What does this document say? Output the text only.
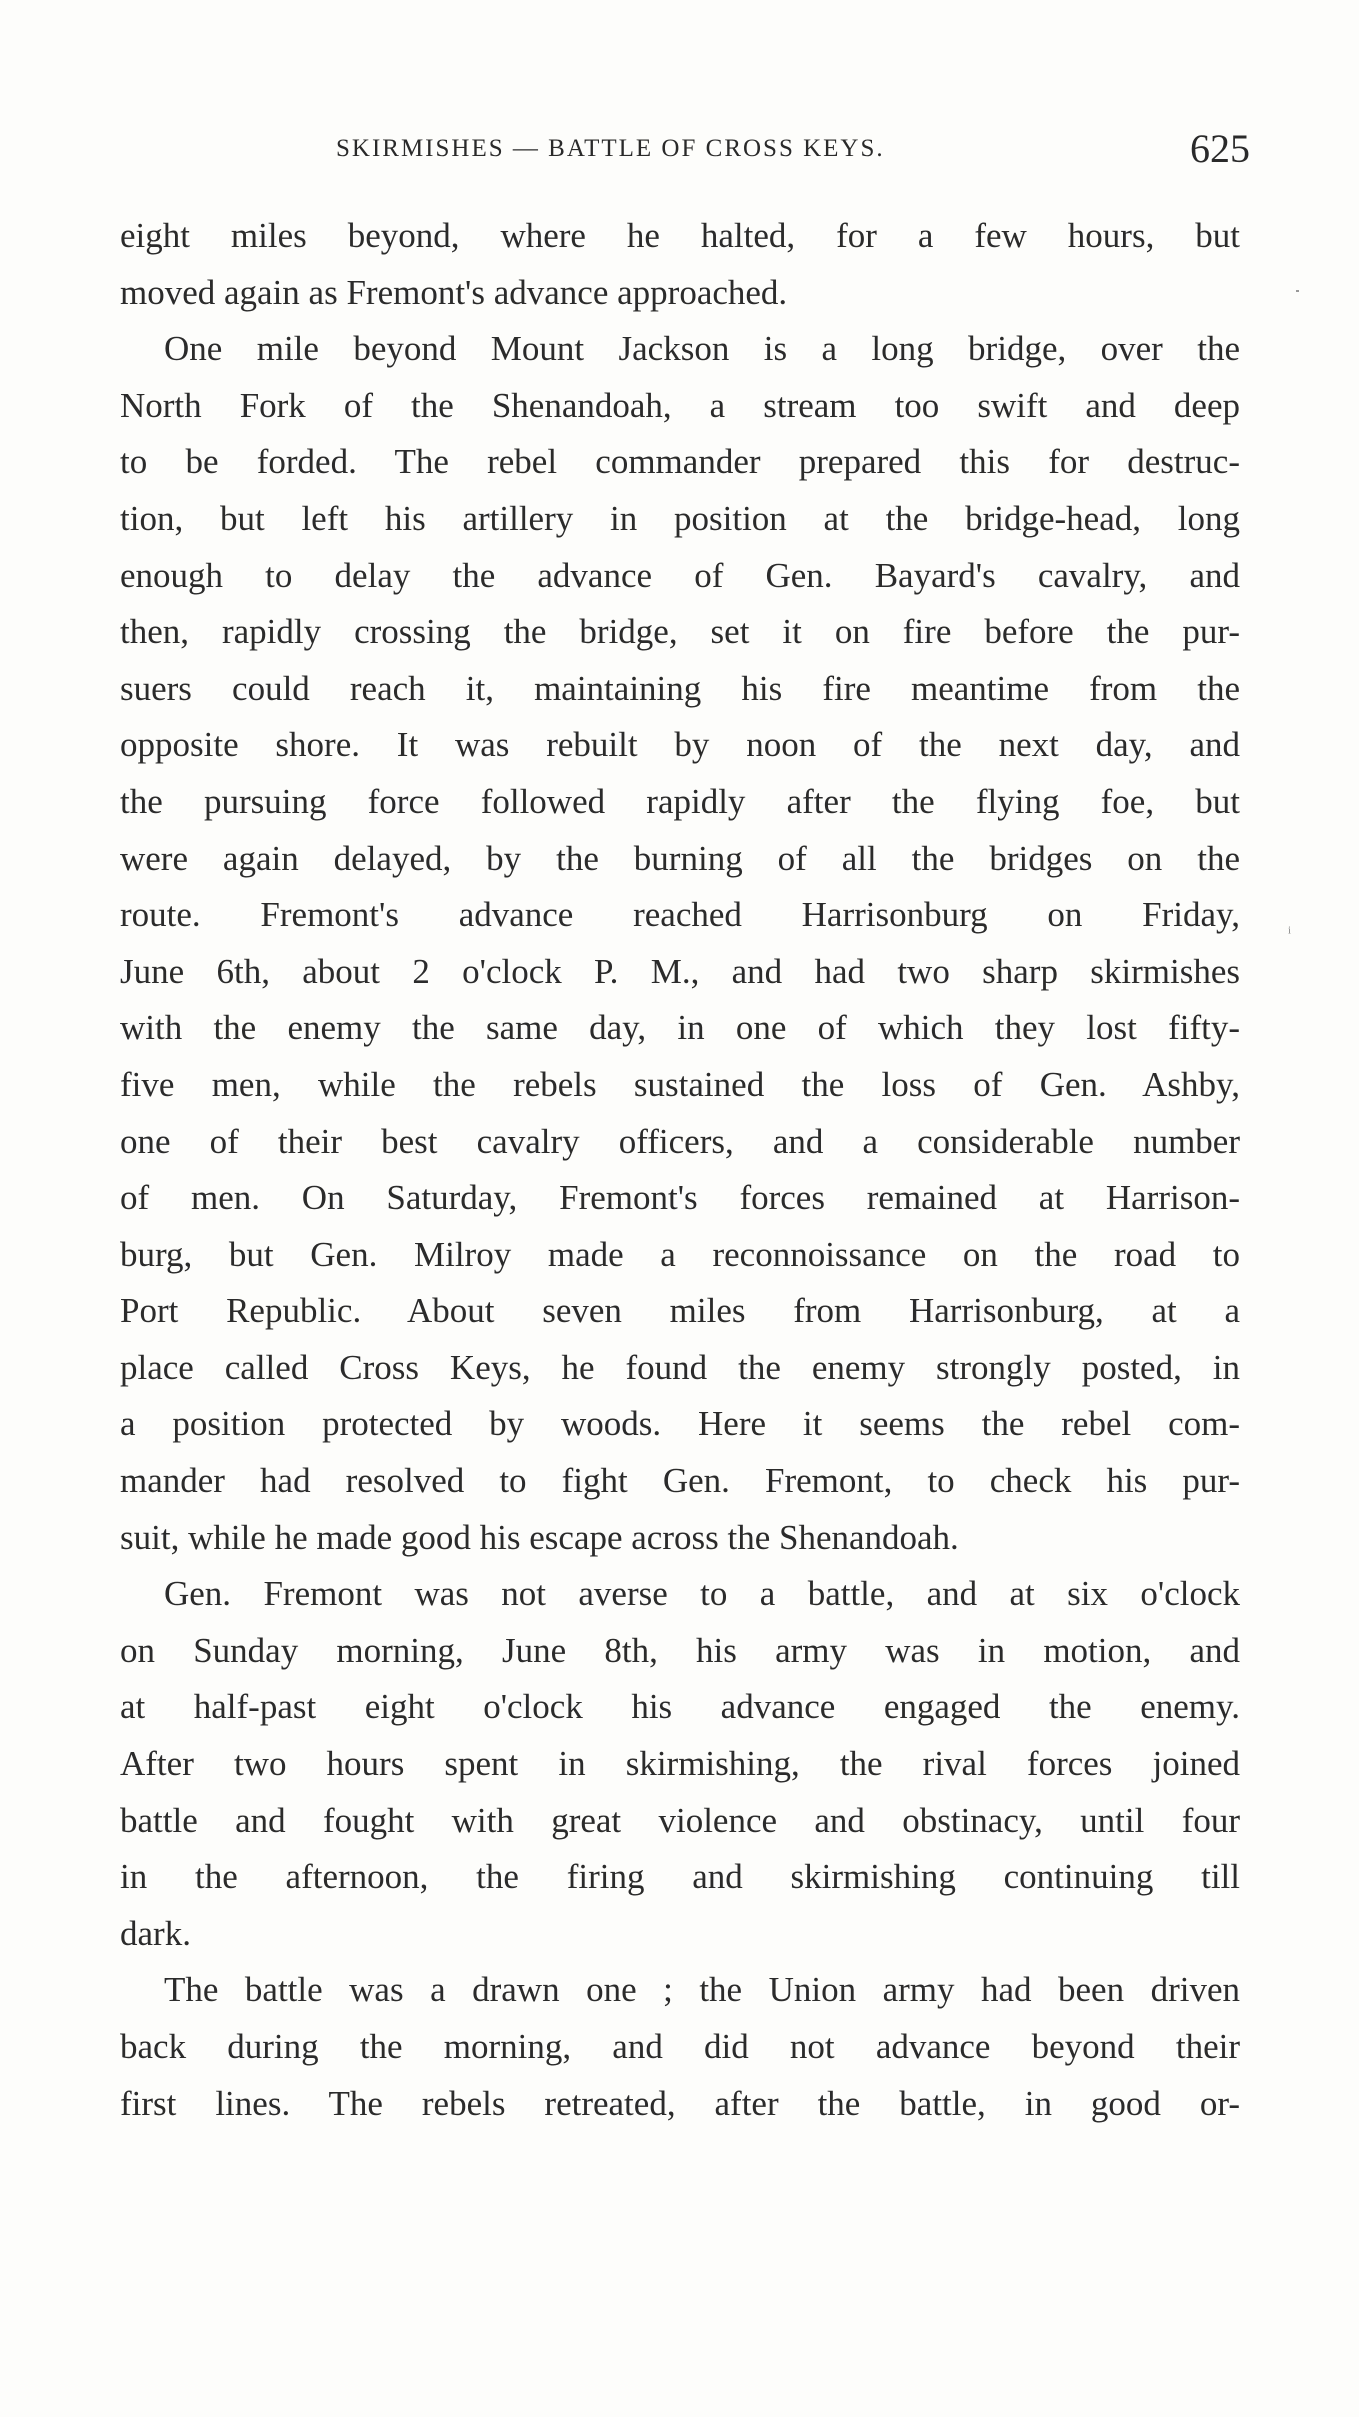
SKIRMISHES — BATTLE OF CROSS KEYS.	625
ᵢ
eight miles beyond, where he halted, for a few hours, but
moved again as Fremont's advance approached.
One mile beyond Mount Jackson is a long bridge, over the
North Fork of the Shenandoah, a stream too swift and deep
to be forded. The rebel commander prepared this for destruc-
tion, but left his artillery in position at the bridge-head, long
enough to delay the advance of Gen. Bayard's cavalry, and
then, rapidly crossing the bridge, set it on fire before the pur-
suers could reach it, maintaining his fire meantime from the
opposite shore. It was rebuilt by noon of the next day, and
the pursuing force followed rapidly after the flying foe, but
were again delayed, by the burning of all the bridges on the
route. Fremont's advance reached Harrisonburg on Friday,
June 6th, about 2 o'clock P. M., and had two sharp skirmishes
with the enemy the same day, in one of which they lost fifty-
five men, while the rebels sustained the loss of Gen. Ashby,
one of their best cavalry officers, and a considerable number
of men. On Saturday, Fremont's forces remained at Harrison-
burg, but Gen. Milroy made a reconnoissance on the road to
Port Republic. About seven miles from Harrisonburg, at a
place called Cross Keys, he found the enemy strongly posted, in
a position protected by woods. Here it seems the rebel com-
mander had resolved to fight Gen. Fremont, to check his pur-
suit, while he made good his escape across the Shenandoah.
Gen. Fremont was not averse to a battle, and at six o'clock
on Sunday morning, June 8th, his army was in motion, and
at half-past eight o'clock his advance engaged the enemy.
After two hours spent in skirmishing, the rival forces joined
battle and fought with great violence and obstinacy, until four
in the afternoon, the firing and skirmishing continuing till
dark.
The battle was a drawn one ; the Union army had been driven
back during the morning, and did not advance beyond their
first lines. The rebels retreated, after the battle, in good or-
